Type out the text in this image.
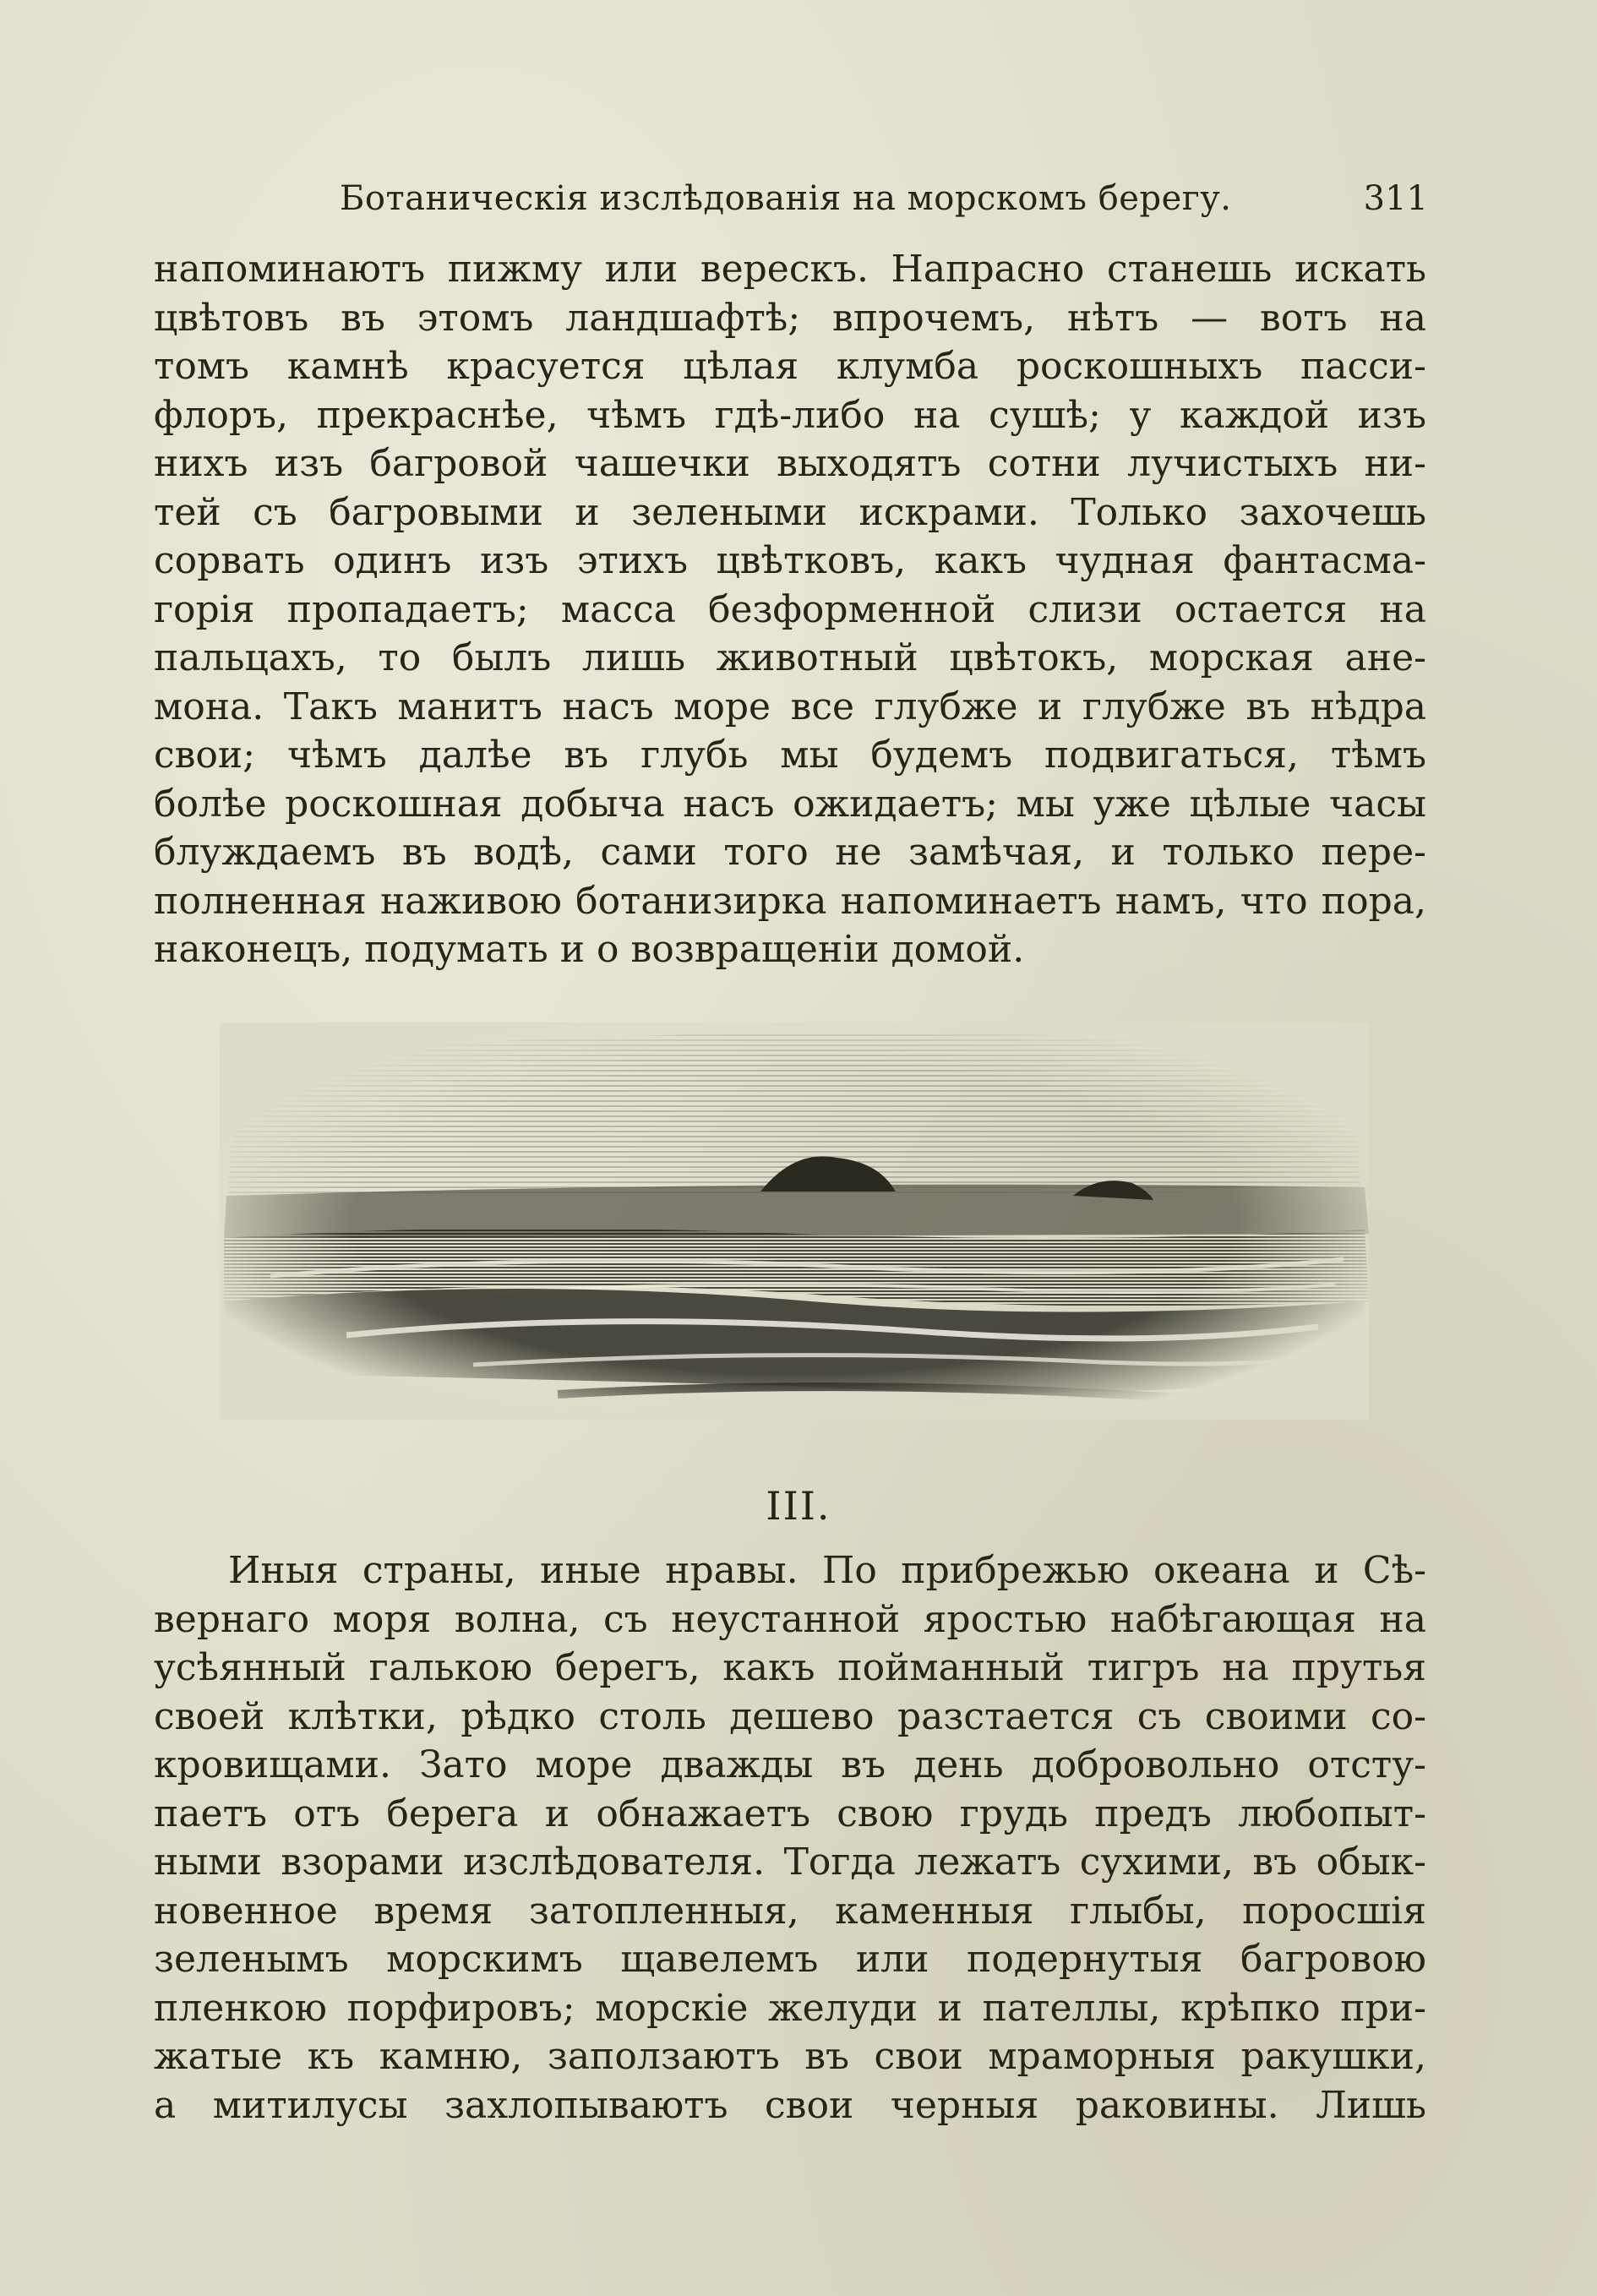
Ботаническія изслѣдованія на морскомъ берегу.	311
напоминаютъ пижму или верескъ. Напрасно станешь искать
цвѣтовъ въ этомъ ландшафтѣ; впрочемъ, нѣтъ — вотъ на
томъ камнѣ красуется цѣлая клумба роскошныхъ пасси-
флоръ, прекраснѣе, чѣмъ гдѣ-либо на сушѣ; у каждой изъ
нихъ изъ багровой чашечки выходятъ сотни лучистыхъ ни-
тей съ багровыми и зелеными искрами. Только захочешь
сорвать одинъ изъ этихъ цвѣтковъ, какъ чудная фантасма-
горія пропадаетъ; масса безформенной слизи остается на
пальцахъ, то былъ лишь животный цвѣтокъ, морская ане-
мона. Такъ манитъ насъ море все глубже и глубже въ нѣдра
свои; чѣмъ далѣе въ глубь мы будемъ подвигаться, тѣмъ
болѣе роскошная добыча насъ ожидаетъ; мы уже цѣлые часы
блуждаемъ въ водѣ, сами того не замѣчая, и только пере-
полненная наживою ботанизирка напоминаетъ намъ, что пора,
наконецъ, подумать и о возвращеніи домой.
III.
Иныя страны, иные нравы. По прибрежью океана и Сѣ-
вернаго моря волна, съ неустанной яростью набѣгающая на
усѣянный галькою берегъ, какъ пойманный тигръ на прутья
своей клѣтки, рѣдко столь дешево разстается съ своими со-
кровищами. Зато море дважды въ день добровольно отсту-
паетъ отъ берега и обнажаетъ свою грудь предъ любопыт-
ными взорами изслѣдователя. Тогда лежатъ сухими, въ обык-
новенное время затопленныя, каменныя глыбы, поросшія
зеленымъ морскимъ щавелемъ или подернутыя багровою
пленкою порфировъ; морскіе желуди и пателлы, крѣпко при-
жатые къ камню, заползаютъ въ свои мраморныя ракушки,
а митилусы захлопываютъ свои черныя раковины. Лишь
